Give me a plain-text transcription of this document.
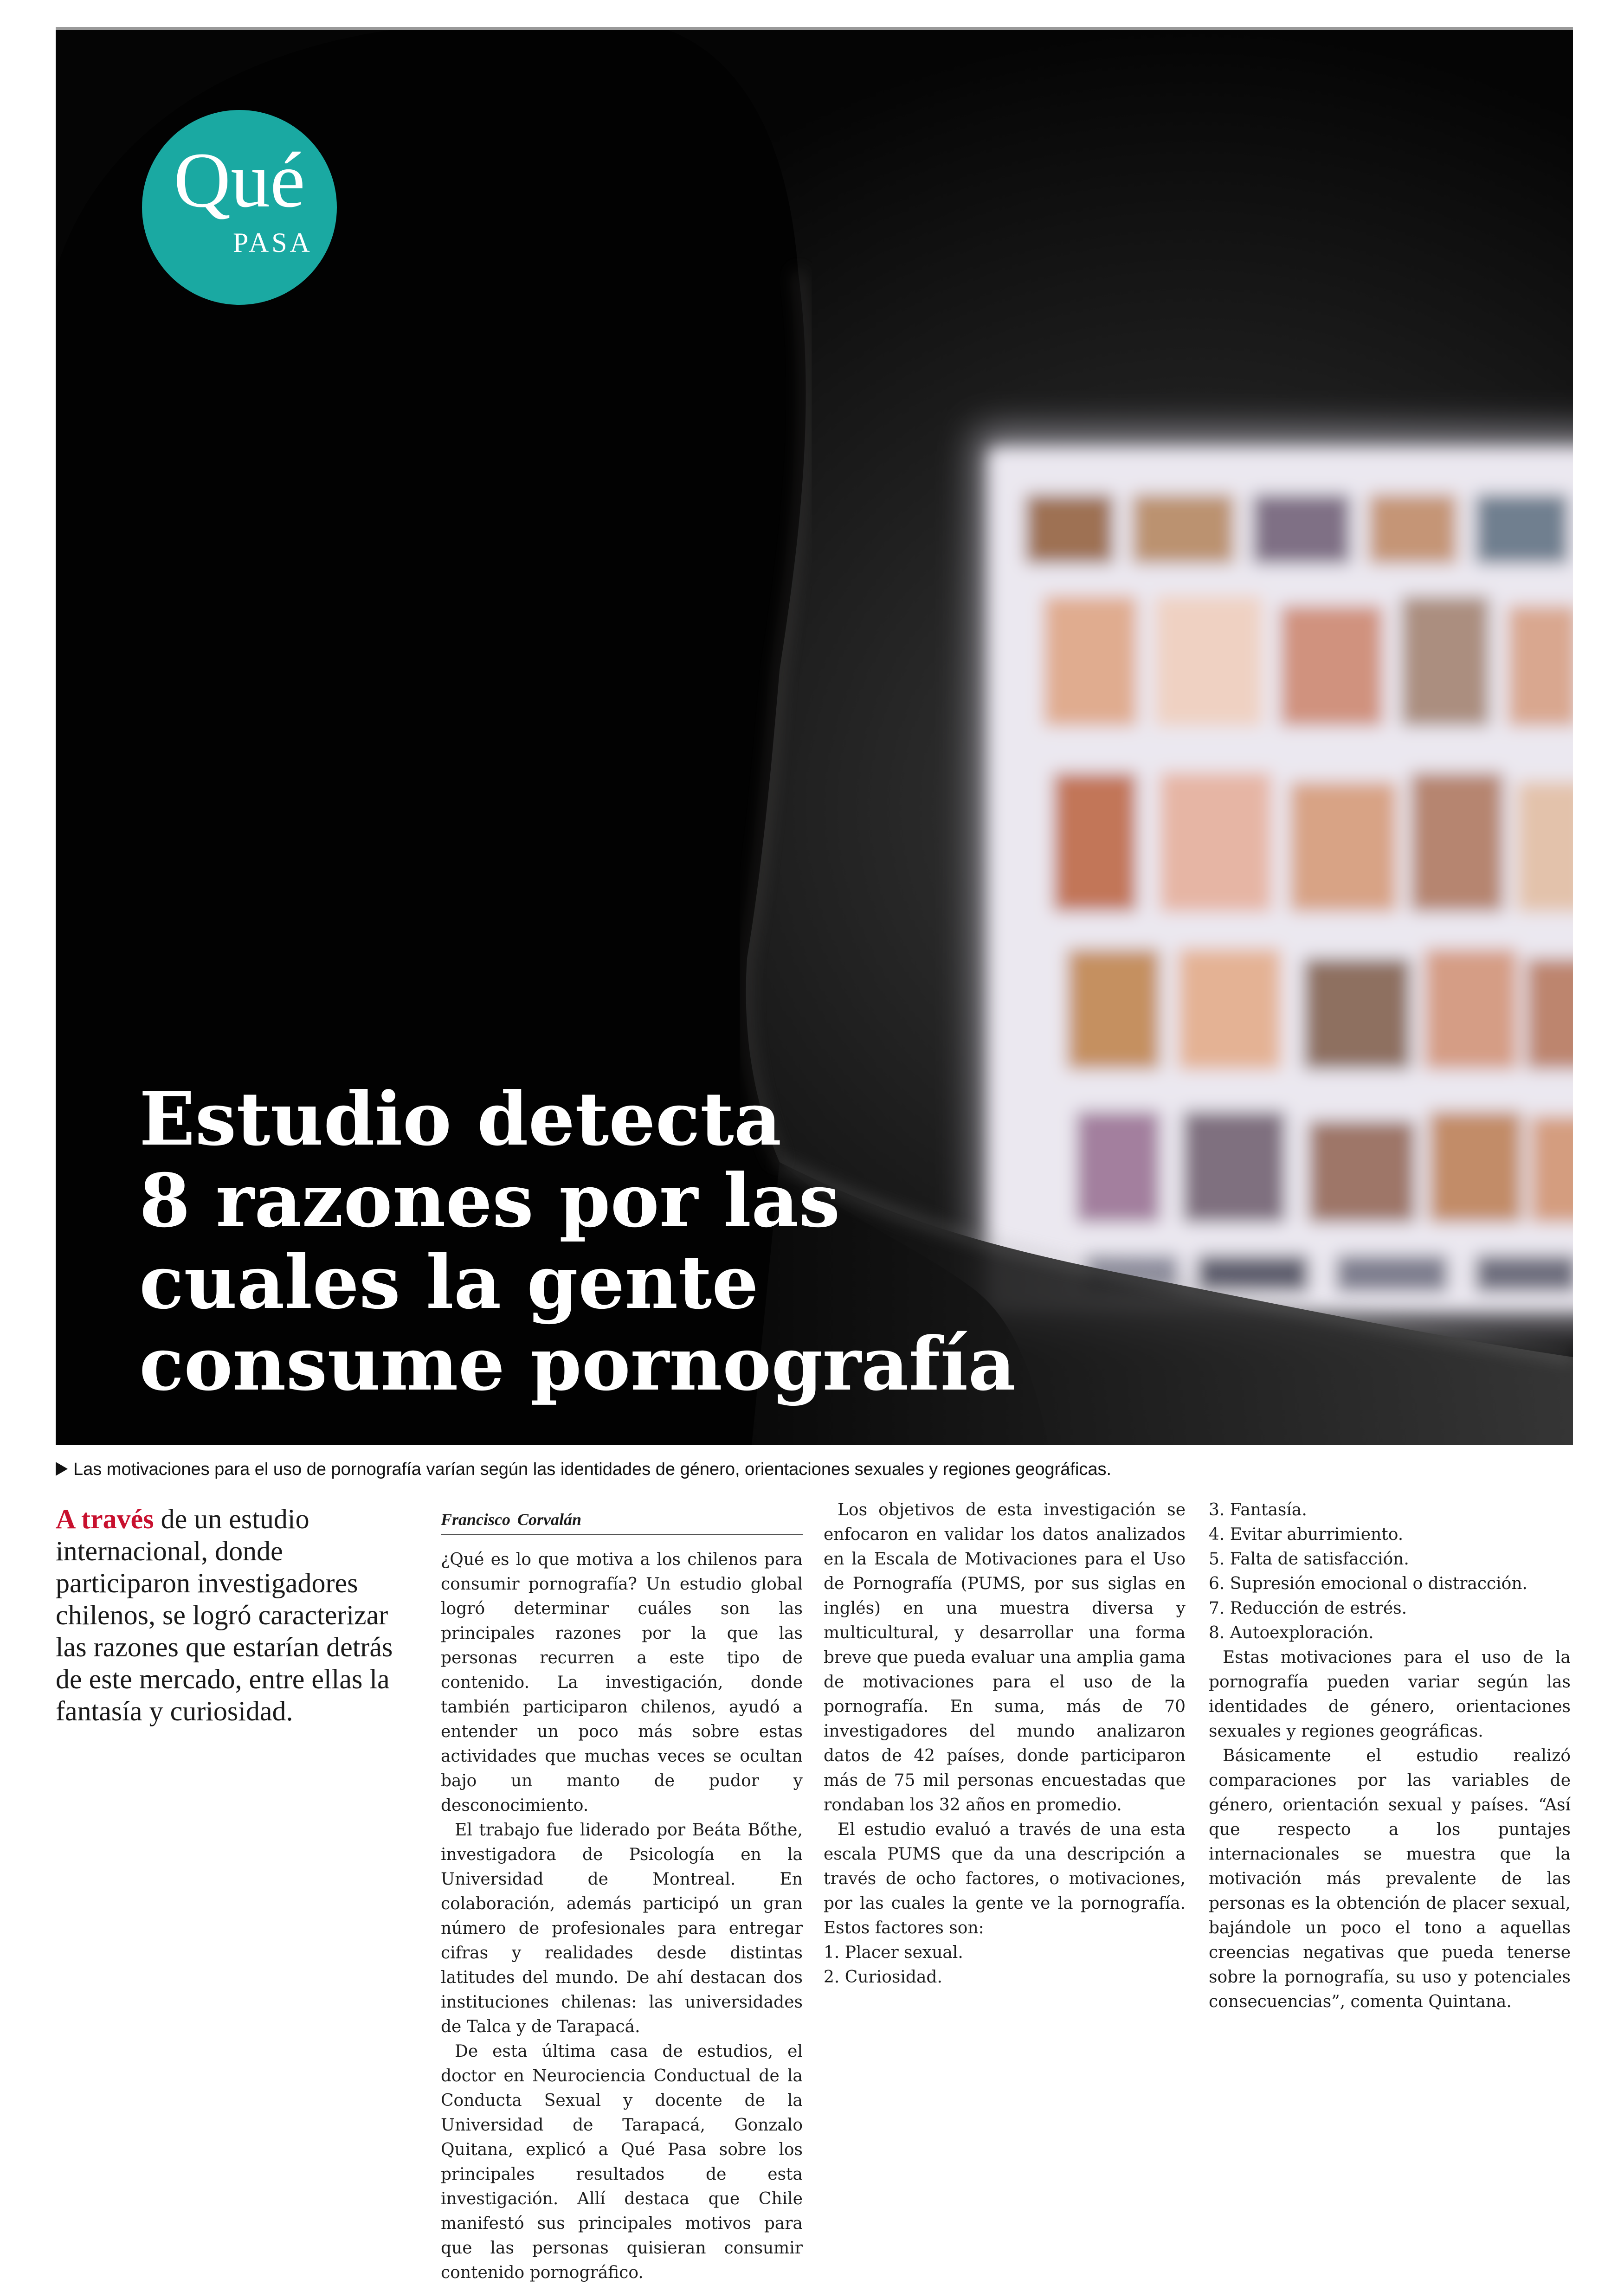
Qué
PASA
Estudio detecta
8 razones por las
cuales la gente
consume pornografía
Las motivaciones para el uso de pornografía varían según las identidades de género, orientaciones sexuales y regiones geográficas.

A través de un estudio internacional, donde participaron investigadores chilenos, se logró caracterizar las razones que estarían detrás de este mercado, entre ellas la fantasía y curiosidad.

Francisco Corvalán

¿Qué es lo que motiva a los chilenos para consumir pornografía? Un estudio global logró determinar cuáles son las principales razones por la que las personas recurren a este tipo de contenido. La investigación, donde también participaron chilenos, ayudó a entender un poco más sobre estas actividades que muchas veces se ocultan bajo un manto de pudor y desconocimiento.

El trabajo fue liderado por Beáta Bőthe, investigadora de Psicología en la Universidad de Montreal. En colaboración, además participó un gran número de profesionales para entregar cifras y realidades desde distintas latitudes del mundo. De ahí destacan dos instituciones chilenas: las universidades de Talca y de Tarapacá.

De esta última casa de estudios, el doctor en Neurociencia Conductual de la Conducta Sexual y docente de la Universidad de Tarapacá, Gonzalo Quitana, explicó a Qué Pasa sobre los principales resultados de esta investigación. Allí destaca que Chile manifestó sus principales motivos para que las personas quisieran consumir contenido pornográfico.

Los objetivos de esta investigación se enfocaron en validar los datos analizados en la Escala de Motivaciones para el Uso de Pornografía (PUMS, por sus siglas en inglés) en una muestra diversa y multicultural, y desarrollar una forma breve que pueda evaluar una amplia gama de motivaciones para el uso de la pornografía. En suma, más de 70 investigadores del mundo analizaron datos de 42 países, donde participaron más de 75 mil personas encuestadas que rondaban los 32 años en promedio.

El estudio evaluó a través de una esta escala PUMS que da una descripción a través de ocho factores, o motivaciones, por las cuales la gente ve la pornografía. Estos factores son:

1. Placer sexual.
2. Curiosidad.
3. Fantasía.
4. Evitar aburrimiento.
5. Falta de satisfacción.
6. Supresión emocional o distracción.
7. Reducción de estrés.
8. Autoexploración.

Estas motivaciones para el uso de la pornografía pueden variar según las identidades de género, orientaciones sexuales y regiones geográficas.

Básicamente el estudio realizó comparaciones por las variables de género, orientación sexual y países. “Así que respecto a los puntajes internacionales se muestra que la motivación más prevalente de las personas es la obtención de placer sexual, bajándole un poco el tono a aquellas creencias negativas que pueda tenerse sobre la pornografía, su uso y potenciales consecuencias”, comenta Quintana.
